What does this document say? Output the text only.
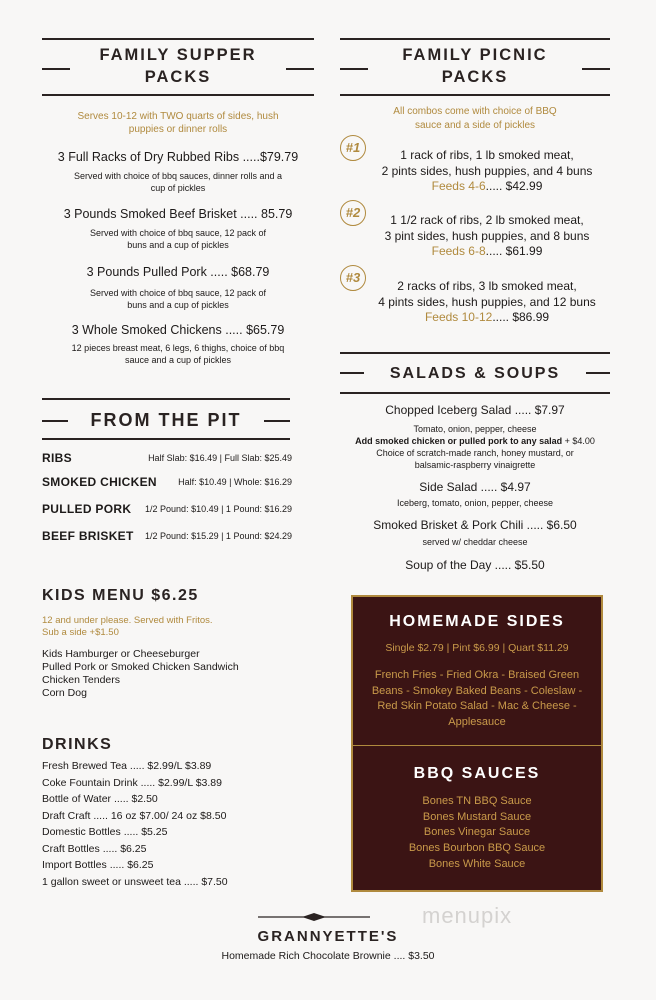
FAMILY SUPPER
PACKS
Serves 10-12 with TWO quarts of sides, hush puppies or dinner rolls
3 Full Racks of Dry Rubbed Ribs .....$79.79
Served with choice of bbq sauces, dinner rolls and a cup of pickles
3 Pounds Smoked Beef Brisket ..... 85.79
Served with choice of bbq sauce, 12 pack of buns and a cup of pickles
3 Pounds Pulled Pork ..... $68.79
Served with choice of bbq sauce, 12 pack of buns and a cup of pickles
3 Whole Smoked Chickens ..... $65.79
12 pieces breast meat, 6 legs, 6 thighs, choice of bbq sauce and a cup of pickles
FAMILY PICNIC
PACKS
All combos come with choice of BBQ sauce and a side of pickles
#1	1 rack of ribs, 1 lb smoked meat,
2 pints sides, hush puppies, and 4 buns
Feeds 4-6..... $42.99
#2	1 1/2 rack of ribs, 2 lb smoked meat,
3 pint sides, hush puppies, and 8 buns
Feeds 6-8..... $61.99
#3
2 racks of ribs, 3 lb smoked meat,
4 pints sides, hush puppies, and 12 buns
Feeds 10-12..... $86.99
FROM THE PIT
RIBS	Half Slab: $16.49 | Full Slab: $25.49
SMOKED CHICKEN Half: $10.49 | Whole: $16.29
PULLED PORK 1/2 Pound: $10.49 | 1 Pound: $16.29
BEEF BRISKET 1/2 Pound: $15.29 | 1 Pound: $24.29
SALADS & SOUPS
Chopped Iceberg Salad ..... $7.97
Tomato, onion, pepper, cheese
Add smoked chicken or pulled pork to any salad + $4.00
Choice of scratch-made ranch, honey mustard, or
balsamic-raspberry vinaigrette
Side Salad ..... $4.97
Iceberg, tomato, onion, pepper, cheese
Smoked Brisket & Pork Chili ..... $6.50
served w/ cheddar cheese
Soup of the Day ..... $5.50
KIDS MENU $6.25
12 and under please. Served with Fritos.
Sub a side +$1.50
Kids Hamburger or Cheeseburger
Pulled Pork or Smoked Chicken Sandwich
Chicken Tenders
Corn Dog
DRINKS
Fresh Brewed Tea ..... $2.99/L $3.89
Coke Fountain Drink ..... $2.99/L $3.89
Bottle of Water ..... $2.50
Draft Craft ..... 16 oz $7.00/ 24 oz $8.50
Domestic Bottles ..... $5.25
Craft Bottles ..... $6.25
Import Bottles ..... $6.25
1 gallon sweet or unsweet tea ..... $7.50
HOMEMADE SIDES
Single $2.79 | Pint $6.99 | Quart $11.29
French Fries - Fried Okra - Braised Green
Beans - Smokey Baked Beans - Coleslaw -
Red Skin Potato Salad - Mac & Cheese -
Applesauce
BBQ SAUCES
Bones TN BBQ Sauce
Bones Mustard Sauce
Bones Vinegar Sauce
Bones Bourbon BBQ Sauce
Bones White Sauce
menupix
GRANNYETTE'S
Homemade Rich Chocolate Brownie .... $3.50
